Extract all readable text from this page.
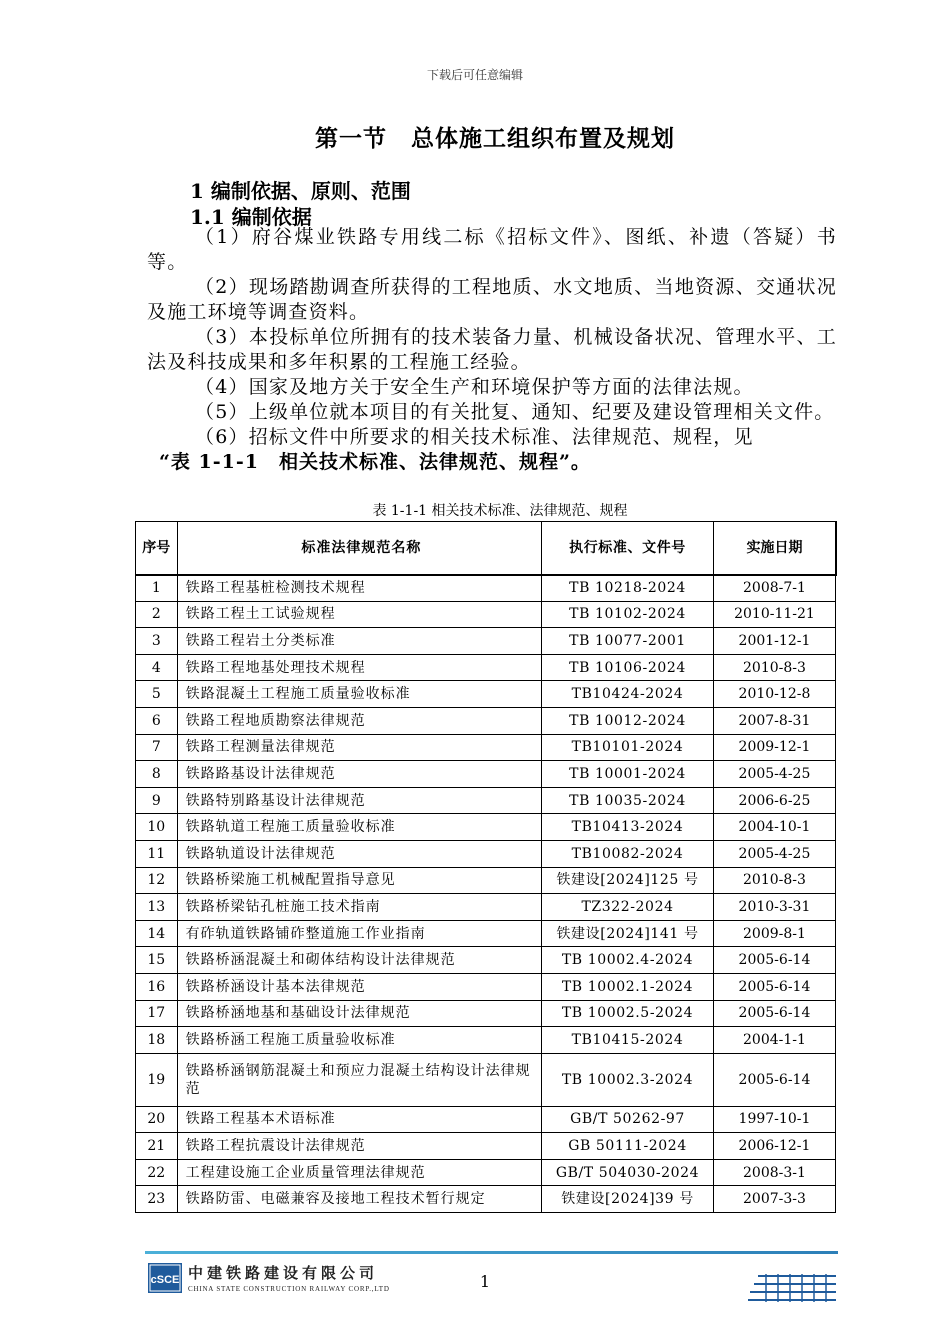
下载后可任意编辑
第一节　总体施工组织布置及规划
1 编制依据、原则、范围
1.1 编制依据

（1）府谷煤业铁路专用线二标《招标文件》、图纸、补遗（答疑）书等。

（2）现场踏勘调查所获得的工程地质、水文地质、当地资源、交通状况及施工环境等调查资料。

（3）本投标单位所拥有的技术装备力量、机械设备状况、管理水平、工法及科技成果和多年积累的工程施工经验。

（4）国家及地方关于安全生产和环境保护等方面的法律法规。

（5）上级单位就本项目的有关批复、通知、纪要及建设管理相关文件。

（6）招标文件中所要求的相关技术标准、法律规范、规程，见

“表 1-1-1　相关技术标准、法律规范、规程”。

表 1-1-1 相关技术标准、法律规范、规程
序号	标准法律规范名称	执行标准、文件号	实施日期
1	铁路工程基桩检测技术规程	TB 10218-2024	2008-7-1
2	铁路工程土工试验规程	TB 10102-2024	2010-11-21
3	铁路工程岩土分类标准	TB 10077-2001	2001-12-1
4	铁路工程地基处理技术规程	TB 10106-2024	2010-8-3
5	铁路混凝土工程施工质量验收标准	TB10424-2024	2010-12-8
6	铁路工程地质勘察法律规范	TB 10012-2024	2007-8-31
7	铁路工程测量法律规范	TB10101-2024	2009-12-1
8	铁路路基设计法律规范	TB 10001-2024	2005-4-25
9	铁路特别路基设计法律规范	TB 10035-2024	2006-6-25
10	铁路轨道工程施工质量验收标准	TB10413-2024	2004-10-1
11	铁路轨道设计法律规范	TB10082-2024	2005-4-25
12	铁路桥梁施工机械配置指导意见	铁建设[2024]125 号	2010-8-3
13	铁路桥梁钻孔桩施工技术指南	TZ322-2024	2010-3-31
14	有砟轨道铁路铺砟整道施工作业指南	铁建设[2024]141 号	2009-8-1
15	铁路桥涵混凝土和砌体结构设计法律规范	TB 10002.4-2024	2005-6-14
16	铁路桥涵设计基本法律规范	TB 10002.1-2024	2005-6-14
17	铁路桥涵地基和基础设计法律规范	TB 10002.5-2024	2005-6-14
18	铁路桥涵工程施工质量验收标准	TB10415-2024	2004-1-1
19	铁路桥涵钢筋混凝土和预应力混凝土结构设计法律规范	TB 10002.3-2024	2005-6-14
20	铁路工程基本术语标准	GB/T 50262-97	1997-10-1
21	铁路工程抗震设计法律规范	GB 50111-2024	2006-12-1
22	工程建设施工企业质量管理法律规范	GB/T 504030-2024	2008-3-1
23	铁路防雷、电磁兼容及接地工程技术暂行规定	铁建设[2024]39 号	2007-3-3
cSCE 中建铁路建设有限公司
CHINA STATE CONSTRUCTION RAILWAY CORP.,LTD	1
